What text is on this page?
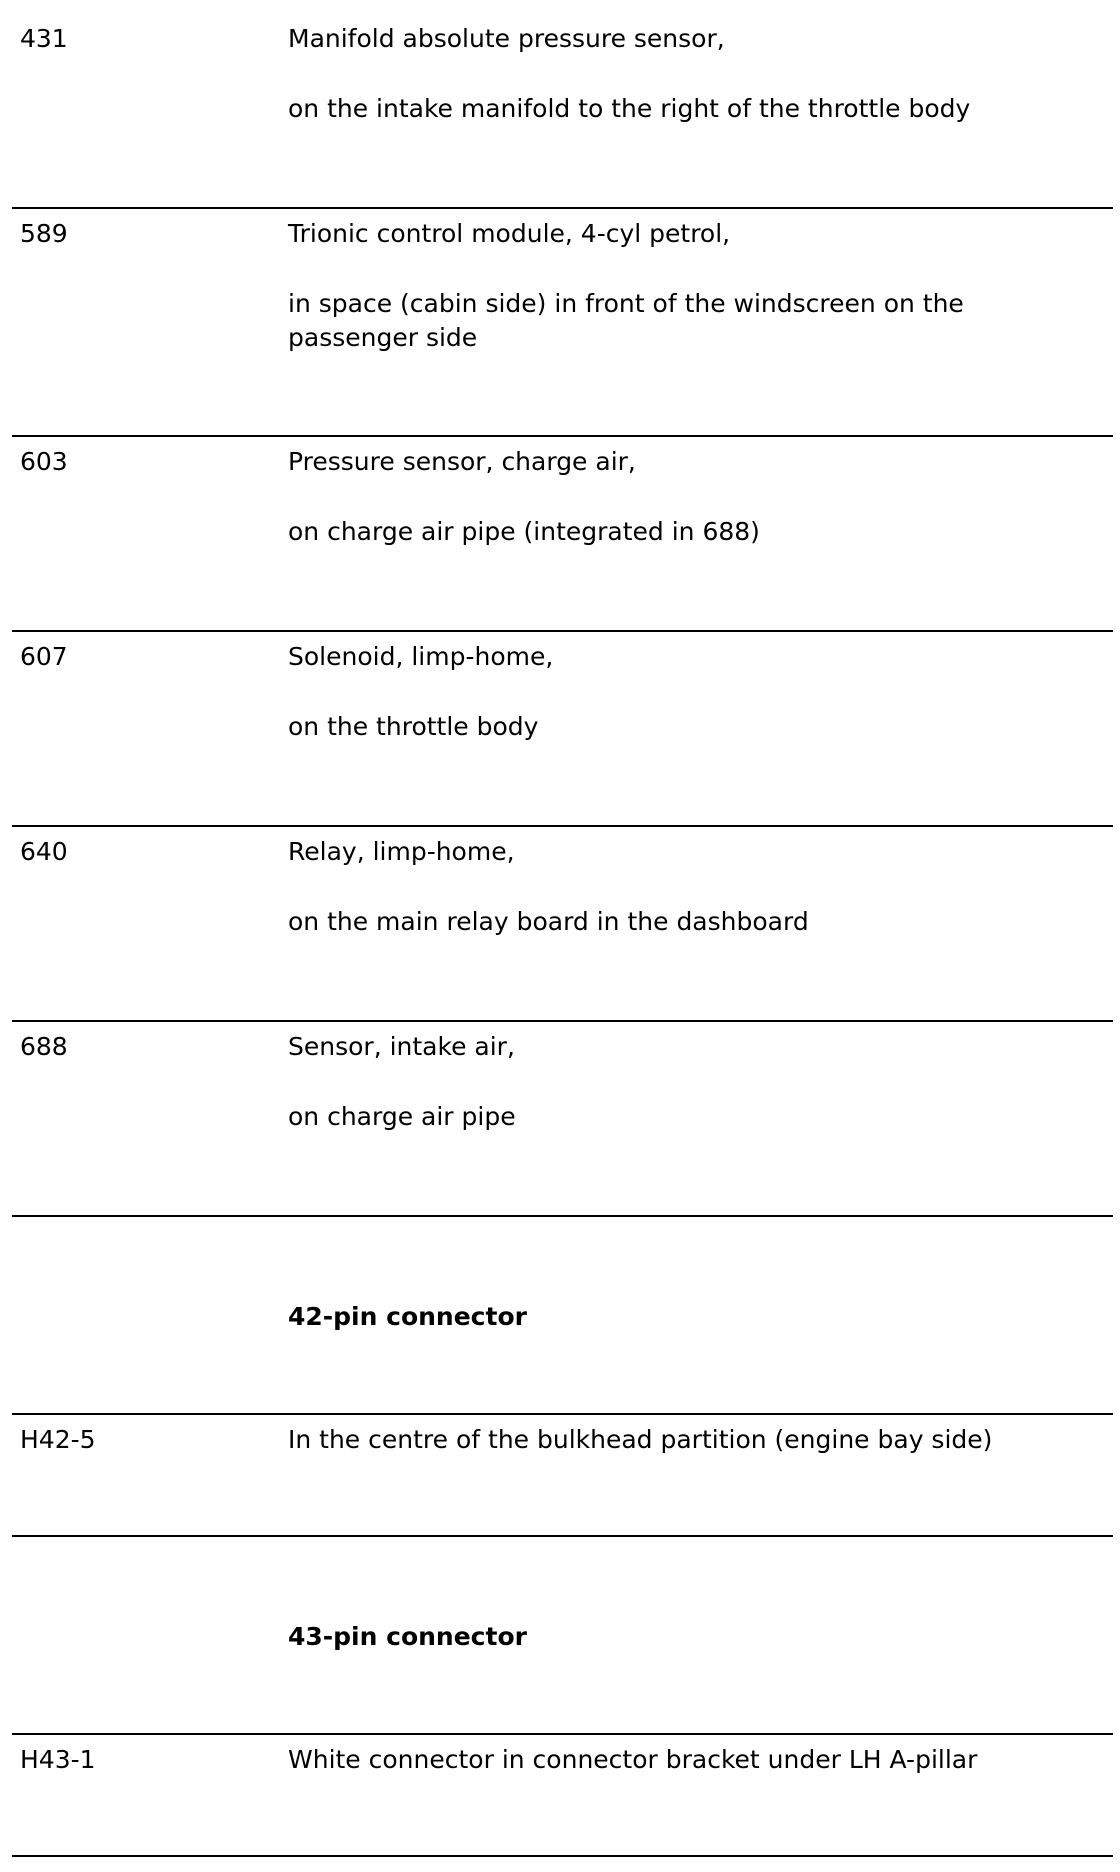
431	Manifold absolute pressure sensor,
on the intake manifold to the right of the throttle body
589	Trionic control module, 4-cyl petrol,
in space (cabin side) in front of the windscreen on the passenger side
603	Pressure sensor, charge air,
on charge air pipe (integrated in 688)
607	Solenoid, limp-home,
on the throttle body
640	Relay, limp-home,
on the main relay board in the dashboard
688	Sensor, intake air,
on charge air pipe
42-pin connector
H42-5	In the centre of the bulkhead partition (engine bay side)
43-pin connector
H43-1	White connector in connector bracket under LH A-pillar
